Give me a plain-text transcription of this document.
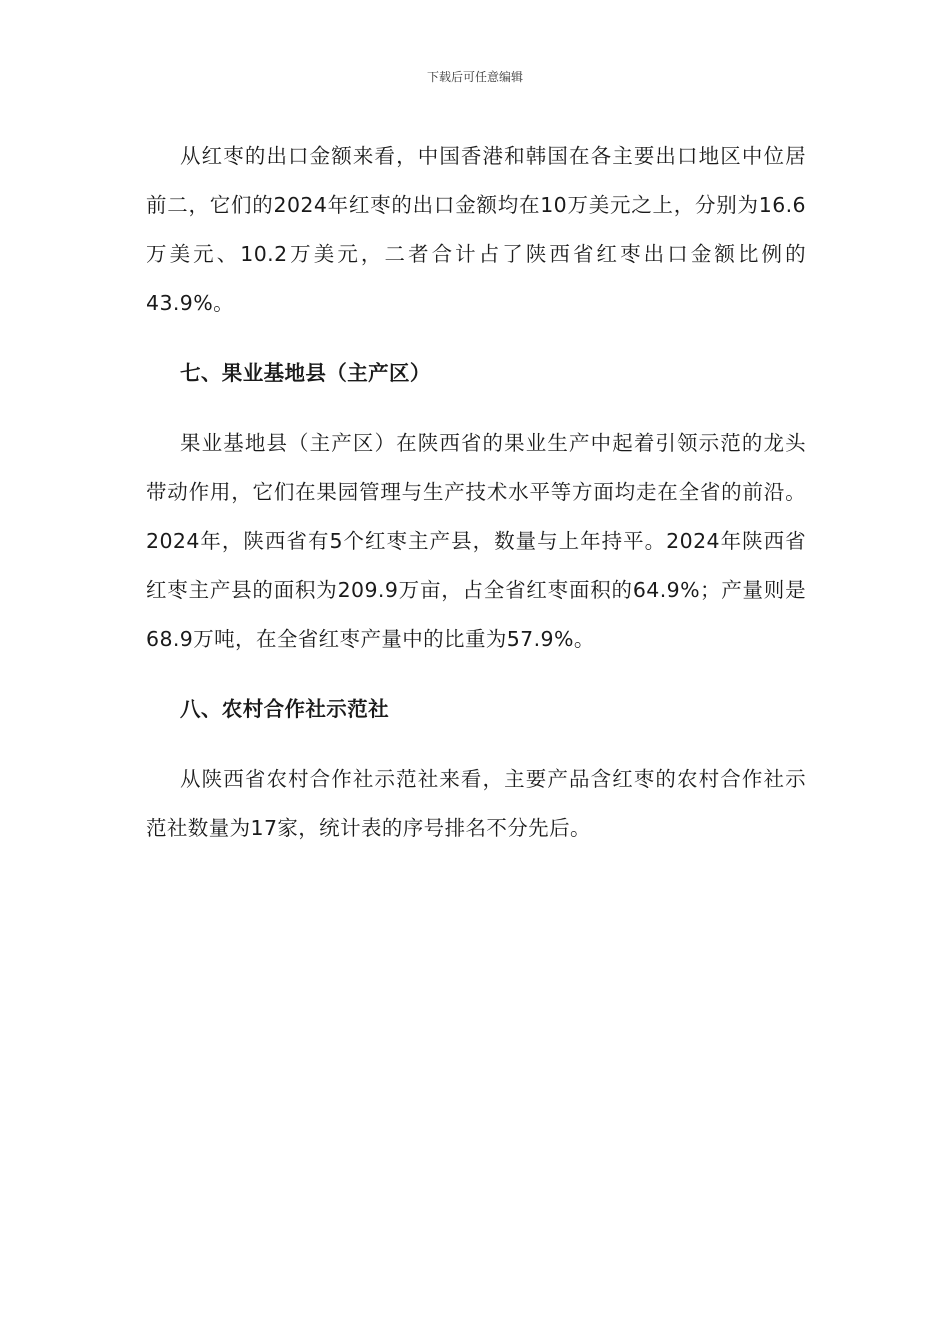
下载后可任意编辑

从红枣的出口金额来看，中国香港和韩国在各主要出口地区中位居前二，它们的2024年红枣的出口金额均在10万美元之上，分别为16.6万美元、10.2万美元，二者合计占了陕西省红枣出口金额比例的43.9%。

七、果业基地县（主产区）

果业基地县（主产区）在陕西省的果业生产中起着引领示范的龙头带动作用，它们在果园管理与生产技术水平等方面均走在全省的前沿。2024年，陕西省有5个红枣主产县，数量与上年持平。2024年陕西省红枣主产县的面积为209.9万亩，占全省红枣面积的64.9%；产量则是68.9万吨，在全省红枣产量中的比重为57.9%。

八、农村合作社示范社

从陕西省农村合作社示范社来看，主要产品含红枣的农村合作社示范社数量为17家，统计表的序号排名不分先后。
